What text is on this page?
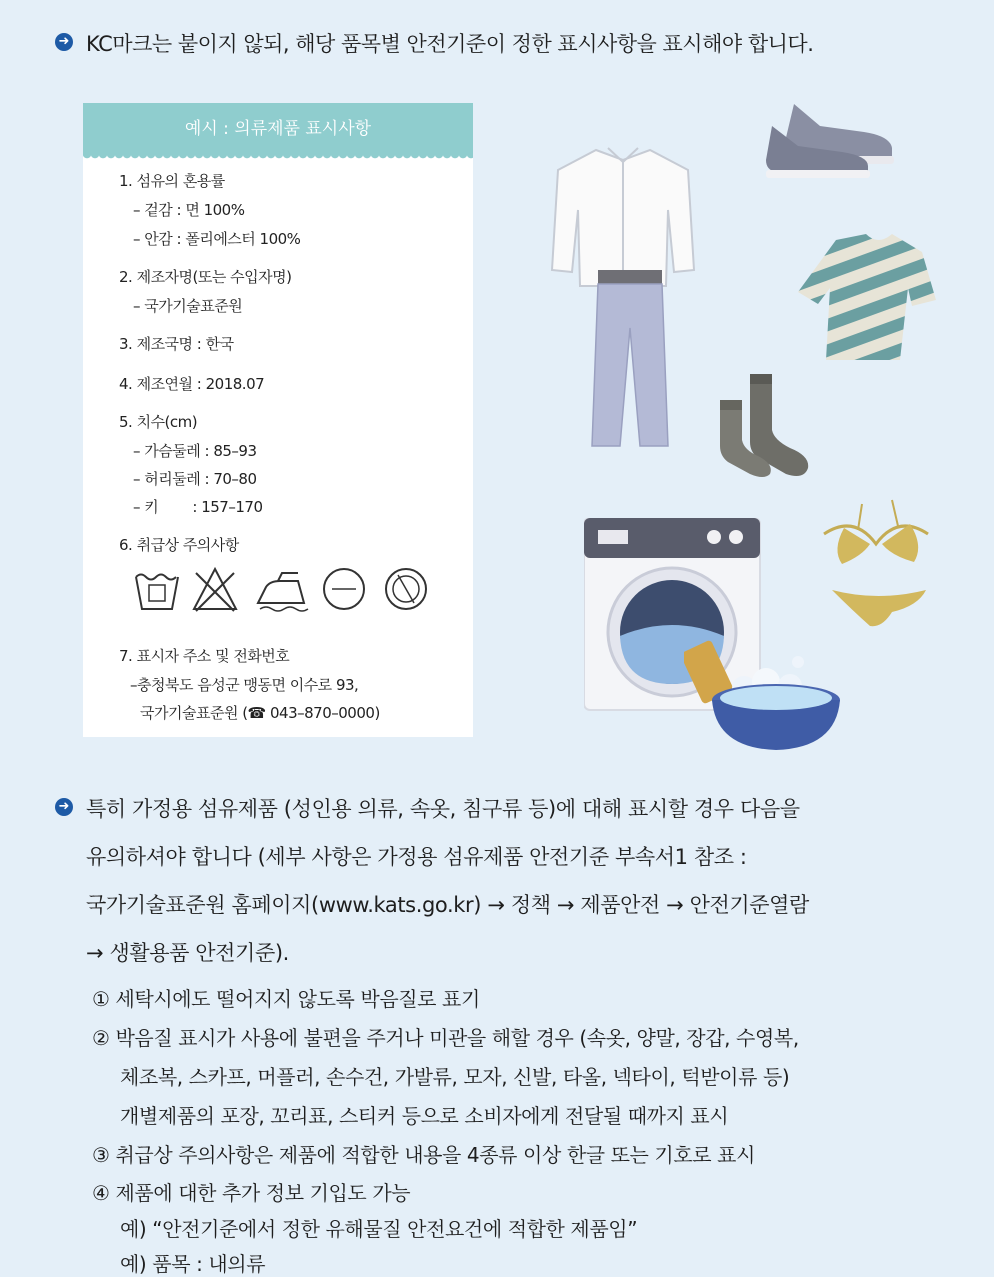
➜ KC마크는 붙이지 않되, 해당 품목별 안전기준이 정한 표시사항을 표시해야 합니다.
예시 : 의류제품 표시사항
1. 섬유의 혼용률
– 겉감 : 면 100%
– 안감 : 폴리에스터 100%
2. 제조자명(또는 수입자명)
– 국가기술표준원
3. 제조국명 : 한국
4. 제조연월 : 2018.07
5. 치수(cm)
– 가슴둘레 : 85–93
– 허리둘레 : 70–80
– 키        : 157–170
6. 취급상 주의사항
7. 표시자 주소 및 전화번호
–충청북도 음성군 맹동면 이수로 93,
국가기술표준원 (☎ 043–870–0000)
➜ 특히 가정용 섬유제품 (성인용 의류, 속옷, 침구류 등)에 대해 표시할 경우 다음을
유의하셔야 합니다 (세부 사항은 가정용 섬유제품 안전기준 부속서1 참조 :
국가기술표준원 홈페이지(www.kats.go.kr) → 정책 → 제품안전 → 안전기준열람
→ 생활용품 안전기준).
① 세탁시에도 떨어지지 않도록 박음질로 표기
② 박음질 표시가 사용에 불편을 주거나 미관을 해할 경우 (속옷, 양말, 장갑, 수영복,
체조복, 스카프, 머플러, 손수건, 가발류, 모자, 신발, 타올, 넥타이, 턱받이류 등)
개별제품의 포장, 꼬리표, 스티커 등으로 소비자에게 전달될 때까지 표시
③ 취급상 주의사항은 제품에 적합한 내용을 4종류 이상 한글 또는 기호로 표시
④ 제품에 대한 추가 정보 기입도 가능
예) “안전기준에서 정한 유해물질 안전요건에 적합한 제품임”
예) 품목 : 내의류
